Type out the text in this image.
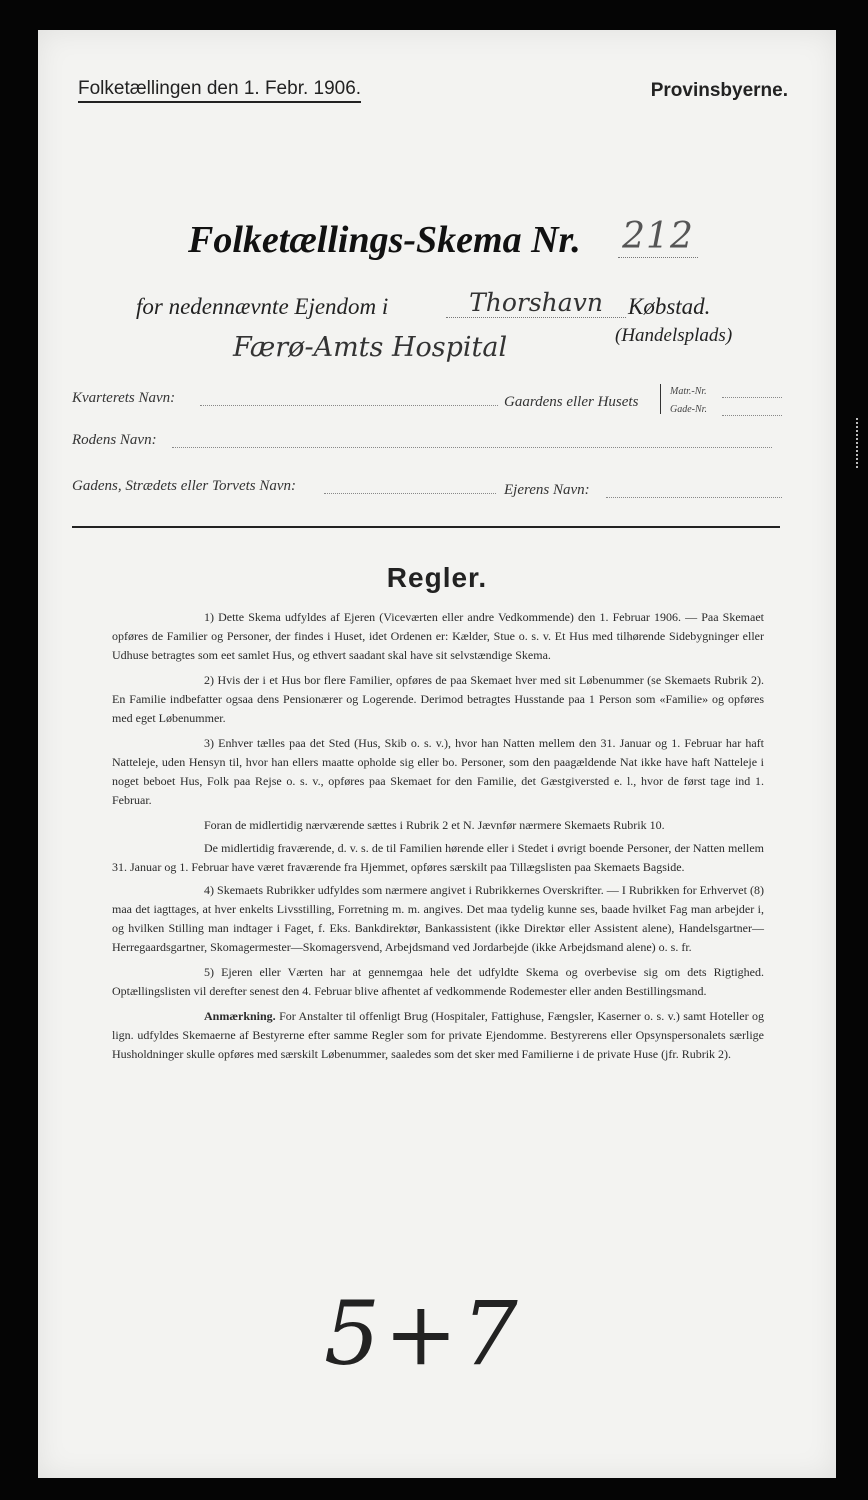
Folketællingen den 1. Febr. 1906.	Provinsbyerne.
Folketællings-Skema Nr. 212
for nedennævnte Ejendom i	Thorshavn	Købstad.
(Handelsplads)
Færø-Amts Hospital
Kvarterets Navn:	Gaardens eller Husets
Matr.-Nr.
Gade-Nr.
Rodens Navn:
Gadens, Strædets eller Torvets Navn:	Ejerens Navn:
Regler.

1) Dette Skema udfyldes af Ejeren (Viceværten eller andre Vedkommende) den 1. Februar 1906. — Paa Skemaet opføres de Familier og Personer, der findes i Huset, idet Ordenen er: Kælder, Stue o. s. v. Et Hus med tilhørende Sidebygninger eller Udhuse betragtes som eet samlet Hus, og ethvert saadant skal have sit selvstændige Skema.

2) Hvis der i et Hus bor flere Familier, opføres de paa Skemaet hver med sit Løbenummer (se Skemaets Rubrik 2). En Familie indbefatter ogsaa dens Pensionærer og Logerende. Derimod betragtes Husstande paa 1 Person som «Familie» og opføres med eget Løbenummer.

3) Enhver tælles paa det Sted (Hus, Skib o. s. v.), hvor han Natten mellem den 31. Januar og 1. Februar har haft Natteleje, uden Hensyn til, hvor han ellers maatte opholde sig eller bo. Personer, som den paagældende Nat ikke have haft Natteleje i noget beboet Hus, Folk paa Rejse o. s. v., opføres paa Skemaet for den Familie, det Gæstgiversted e. l., hvor de først tage ind 1. Februar.

Foran de midlertidig nærværende sættes i Rubrik 2 et N. Jævnfør nærmere Skemaets Rubrik 10.

De midlertidig fraværende, d. v. s. de til Familien hørende eller i Stedet i øvrigt boende Personer, der Natten mellem 31. Januar og 1. Februar have været fraværende fra Hjemmet, opføres særskilt paa Tillægslisten paa Skemaets Bagside.

4) Skemaets Rubrikker udfyldes som nærmere angivet i Rubrikkernes Overskrifter. — I Rubrikken for Erhvervet (8) maa det iagttages, at hver enkelts Livsstilling, Forretning m. m. angives. Det maa tydelig kunne ses, baade hvilket Fag man arbejder i, og hvilken Stilling man indtager i Faget, f. Eks. Bankdirektør, Bankassistent (ikke Direktør eller Assistent alene), Handelsgartner—Herregaardsgartner, Skomagermester—Skomagersvend, Arbejdsmand ved Jordarbejde (ikke Arbejdsmand alene) o. s. fr.

5) Ejeren eller Værten har at gennemgaa hele det udfyldte Skema og overbevise sig om dets Rigtighed. Optællingslisten vil derefter senest den 4. Februar blive afhentet af vedkommende Rodemester eller anden Bestillingsmand.

Anmærkning. For Anstalter til offenligt Brug (Hospitaler, Fattighuse, Fængsler, Kaserner o. s. v.) samt Hoteller og lign. udfyldes Skemaerne af Bestyrerne efter samme Regler som for private Ejendomme. Bestyrerens eller Opsynspersonalets særlige Husholdninger skulle opføres med særskilt Løbenummer, saaledes som det sker med Familierne i de private Huse (jfr. Rubrik 2).

5+7
